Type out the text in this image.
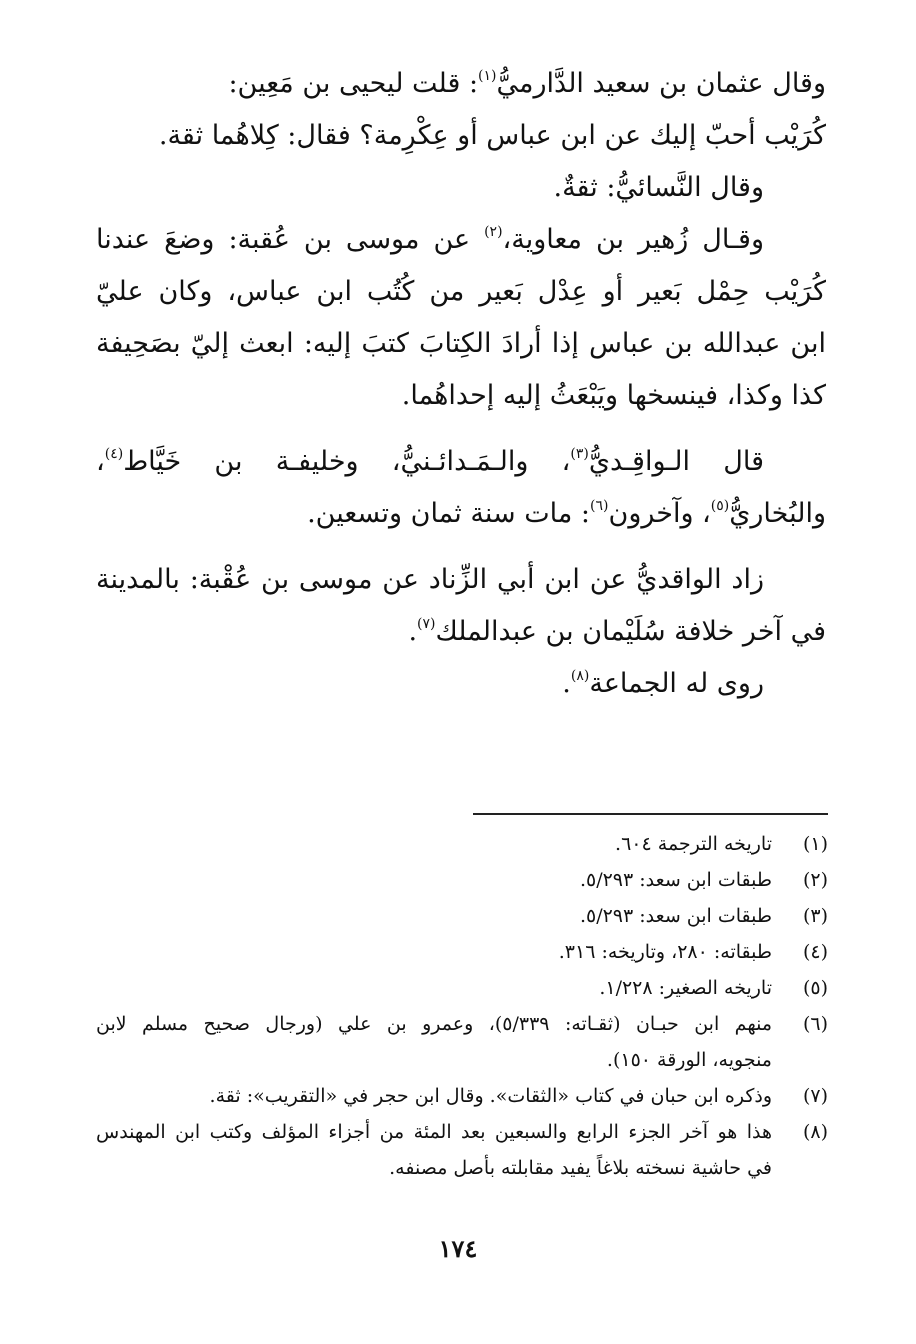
وقال عثمان بن سعيد الدَّارميُّ$^{(١)}$: قلت ليحيى بن مَعِين:
كُرَيْب أحبّ إليك عن ابن عباس أو عِكْرِمة؟ فقال: كِلاهُما ثقة.
وقال النَّسائيُّ: ثقةٌ.
وقـال زُهير بن معاوية،$^{(٢)}$ عن موسى بن عُقبة: وضعَ عندنا
كُرَيْب حِمْل بَعير أو عِدْل بَعير من كُتُب ابن عباس، وكان عليّ
ابن عبدالله بن عباس إذا أرادَ الكِتابَ كتبَ إليه: ابعث إليّ بصَحِيفة
كذا وكذا، فينسخها ويَبْعَثُ إليه إحداهُما.
قال الـواقِـديُّ$^{(٣)}$، والـمَـدائـنيُّ، وخليفـة بن خَيَّاط$^{(٤)}$،
والبُخاريُّ$^{(٥)}$، وآخرون$^{(٦)}$: مات سنة ثمان وتسعين.
زاد الواقديُّ عن ابن أبي الزِّناد عن موسى بن عُقْبة: بالمدينة
في آخر خلافة سُلَيْمان بن عبدالملك$^{(٧)}$.
روى له الجماعة$^{(٨)}$.
(١)
تاريخه الترجمة ٦٠٤.
(٢)
طبقات ابن سعد: ٥/٢٩٣.
(٣)
طبقات ابن سعد: ٥/٢٩٣.
(٤)
طبقاته: ٢٨٠، وتاريخه: ٣١٦.
(٥)
تاريخه الصغير: ١/٢٢٨.
(٦)
منهم ابن حبـان (ثقـاته: ٥/٣٣٩)، وعمرو بن علي (ورجال صحيح مسلم لابن
منجويه، الورقة ١٥٠).
(٧)
وذكره ابن حبان في كتاب «الثقات». وقال ابن حجر في «التقريب»: ثقة.
(٨)
هذا هو آخر الجزء الرابع والسبعين بعد المئة من أجزاء المؤلف وكتب ابن المهندس
في حاشية نسخته بلاغاً يفيد مقابلته بأصل مصنفه.
١٧٤
